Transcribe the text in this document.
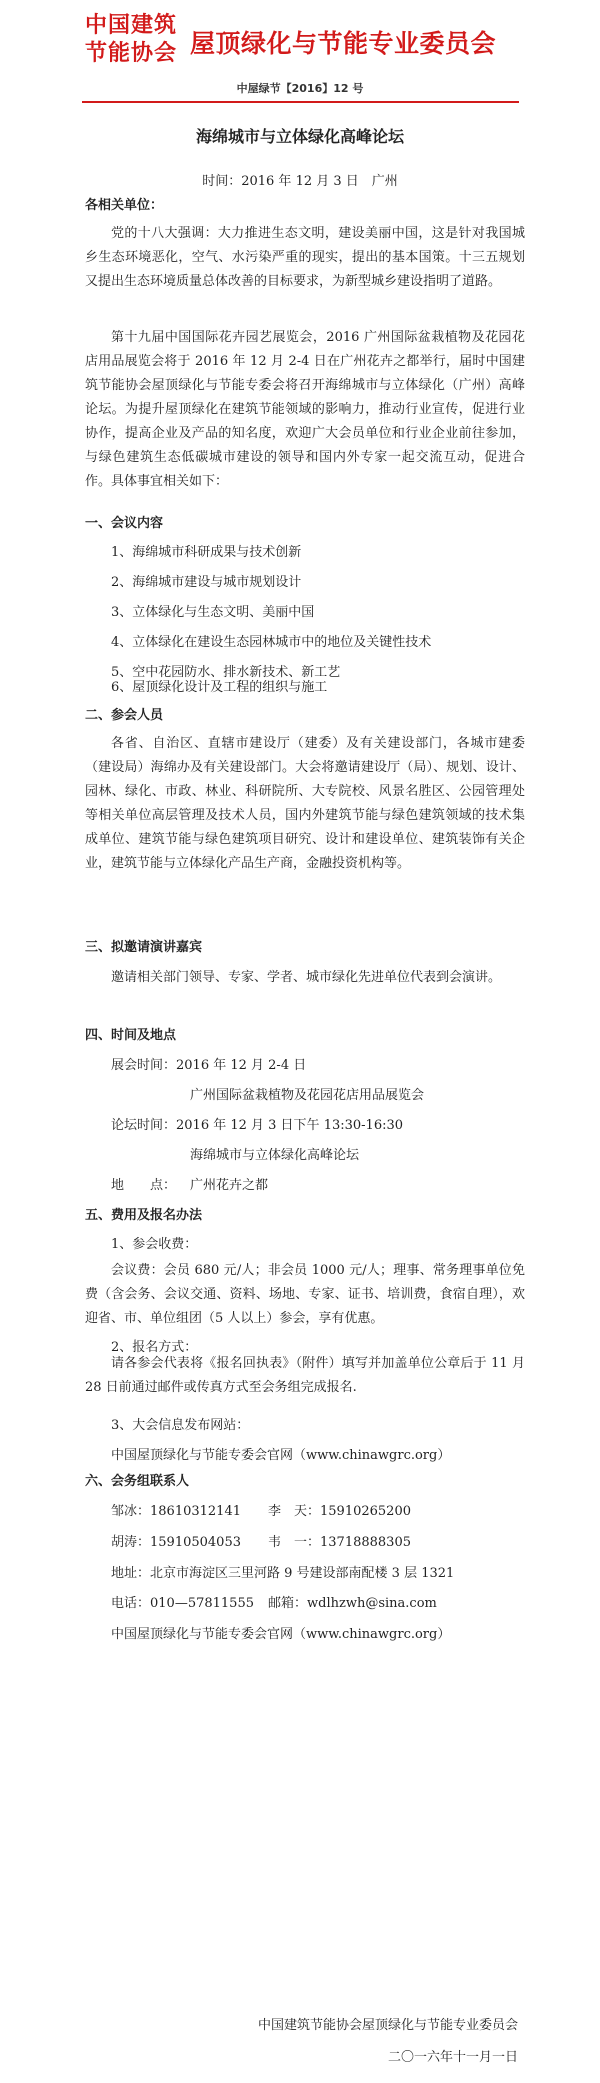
中国建筑
节能协会 屋顶绿化与节能专业委员会
中屋绿节【2016】12 号
海绵城市与立体绿化高峰论坛
时间：2016 年 12 月 3 日　广州
各相关单位：
党的十八大强调：大力推进生态文明，建设美丽中国，这是针对我国城乡生态环境恶化，空气、水污染严重的现实，提出的基本国策。十三五规划又提出生态环境质量总体改善的目标要求，为新型城乡建设指明了道路。
第十九届中国国际花卉园艺展览会，2016 广州国际盆栽植物及花园花店用品展览会将于 2016 年 12 月 2-4 日在广州花卉之都举行，届时中国建筑节能协会屋顶绿化与节能专委会将召开海绵城市与立体绿化（广州）高峰论坛。为提升屋顶绿化在建筑节能领域的影响力，推动行业宣传，促进行业协作，提高企业及产品的知名度，欢迎广大会员单位和行业企业前往参加，与绿色建筑生态低碳城市建设的领导和国内外专家一起交流互动，促进合作。具体事宜相关如下：
一、会议内容
1、海绵城市科研成果与技术创新
2、海绵城市建设与城市规划设计
3、立体绿化与生态文明、美丽中国
4、立体绿化在建设生态园林城市中的地位及关键性技术
5、空中花园防水、排水新技术、新工艺
6、屋顶绿化设计及工程的组织与施工
二、参会人员
各省、自治区、直辖市建设厅（建委）及有关建设部门，各城市建委（建设局）海绵办及有关建设部门。大会将邀请建设厅（局）、规划、设计、园林、绿化、市政、林业、科研院所、大专院校、风景名胜区、公园管理处等相关单位高层管理及技术人员，国内外建筑节能与绿色建筑领域的技术集成单位、建筑节能与绿色建筑项目研究、设计和建设单位、建筑装饰有关企业，建筑节能与立体绿化产品生产商，金融投资机构等。
三、拟邀请演讲嘉宾
邀请相关部门领导、专家、学者、城市绿化先进单位代表到会演讲。
四、时间及地点
展会时间：2016 年 12 月 2-4 日
广州国际盆栽植物及花园花店用品展览会
论坛时间：2016 年 12 月 3 日下午 13:30-16:30
海绵城市与立体绿化高峰论坛
地　　点：	广州花卉之都
五、费用及报名办法
1、参会收费：
会议费：会员 680 元/人；非会员 1000 元/人；理事、常务理事单位免费（含会务、会议交通、资料、场地、专家、证书、培训费，食宿自理），欢迎省、市、单位组团（5 人以上）参会，享有优惠。
2、报名方式：
请各参会代表将《报名回执表》（附件）填写并加盖单位公章后于 11 月 28 日前通过邮件或传真方式至会务组完成报名.
3、大会信息发布网站：
中国屋顶绿化与节能专委会官网（www.chinawgrc.org）
六、会务组联系人
邹冰：18610312141 李　天：15910265200
胡涛：15910504053 韦　一：13718888305
地址：北京市海淀区三里河路 9 号建设部南配楼 3 层 1321
电话：010—57811555 邮箱：wdlhzwh@sina.com
中国屋顶绿化与节能专委会官网（www.chinawgrc.org）
中国建筑节能协会屋顶绿化与节能专业委员会
二〇一六年十一月一日
